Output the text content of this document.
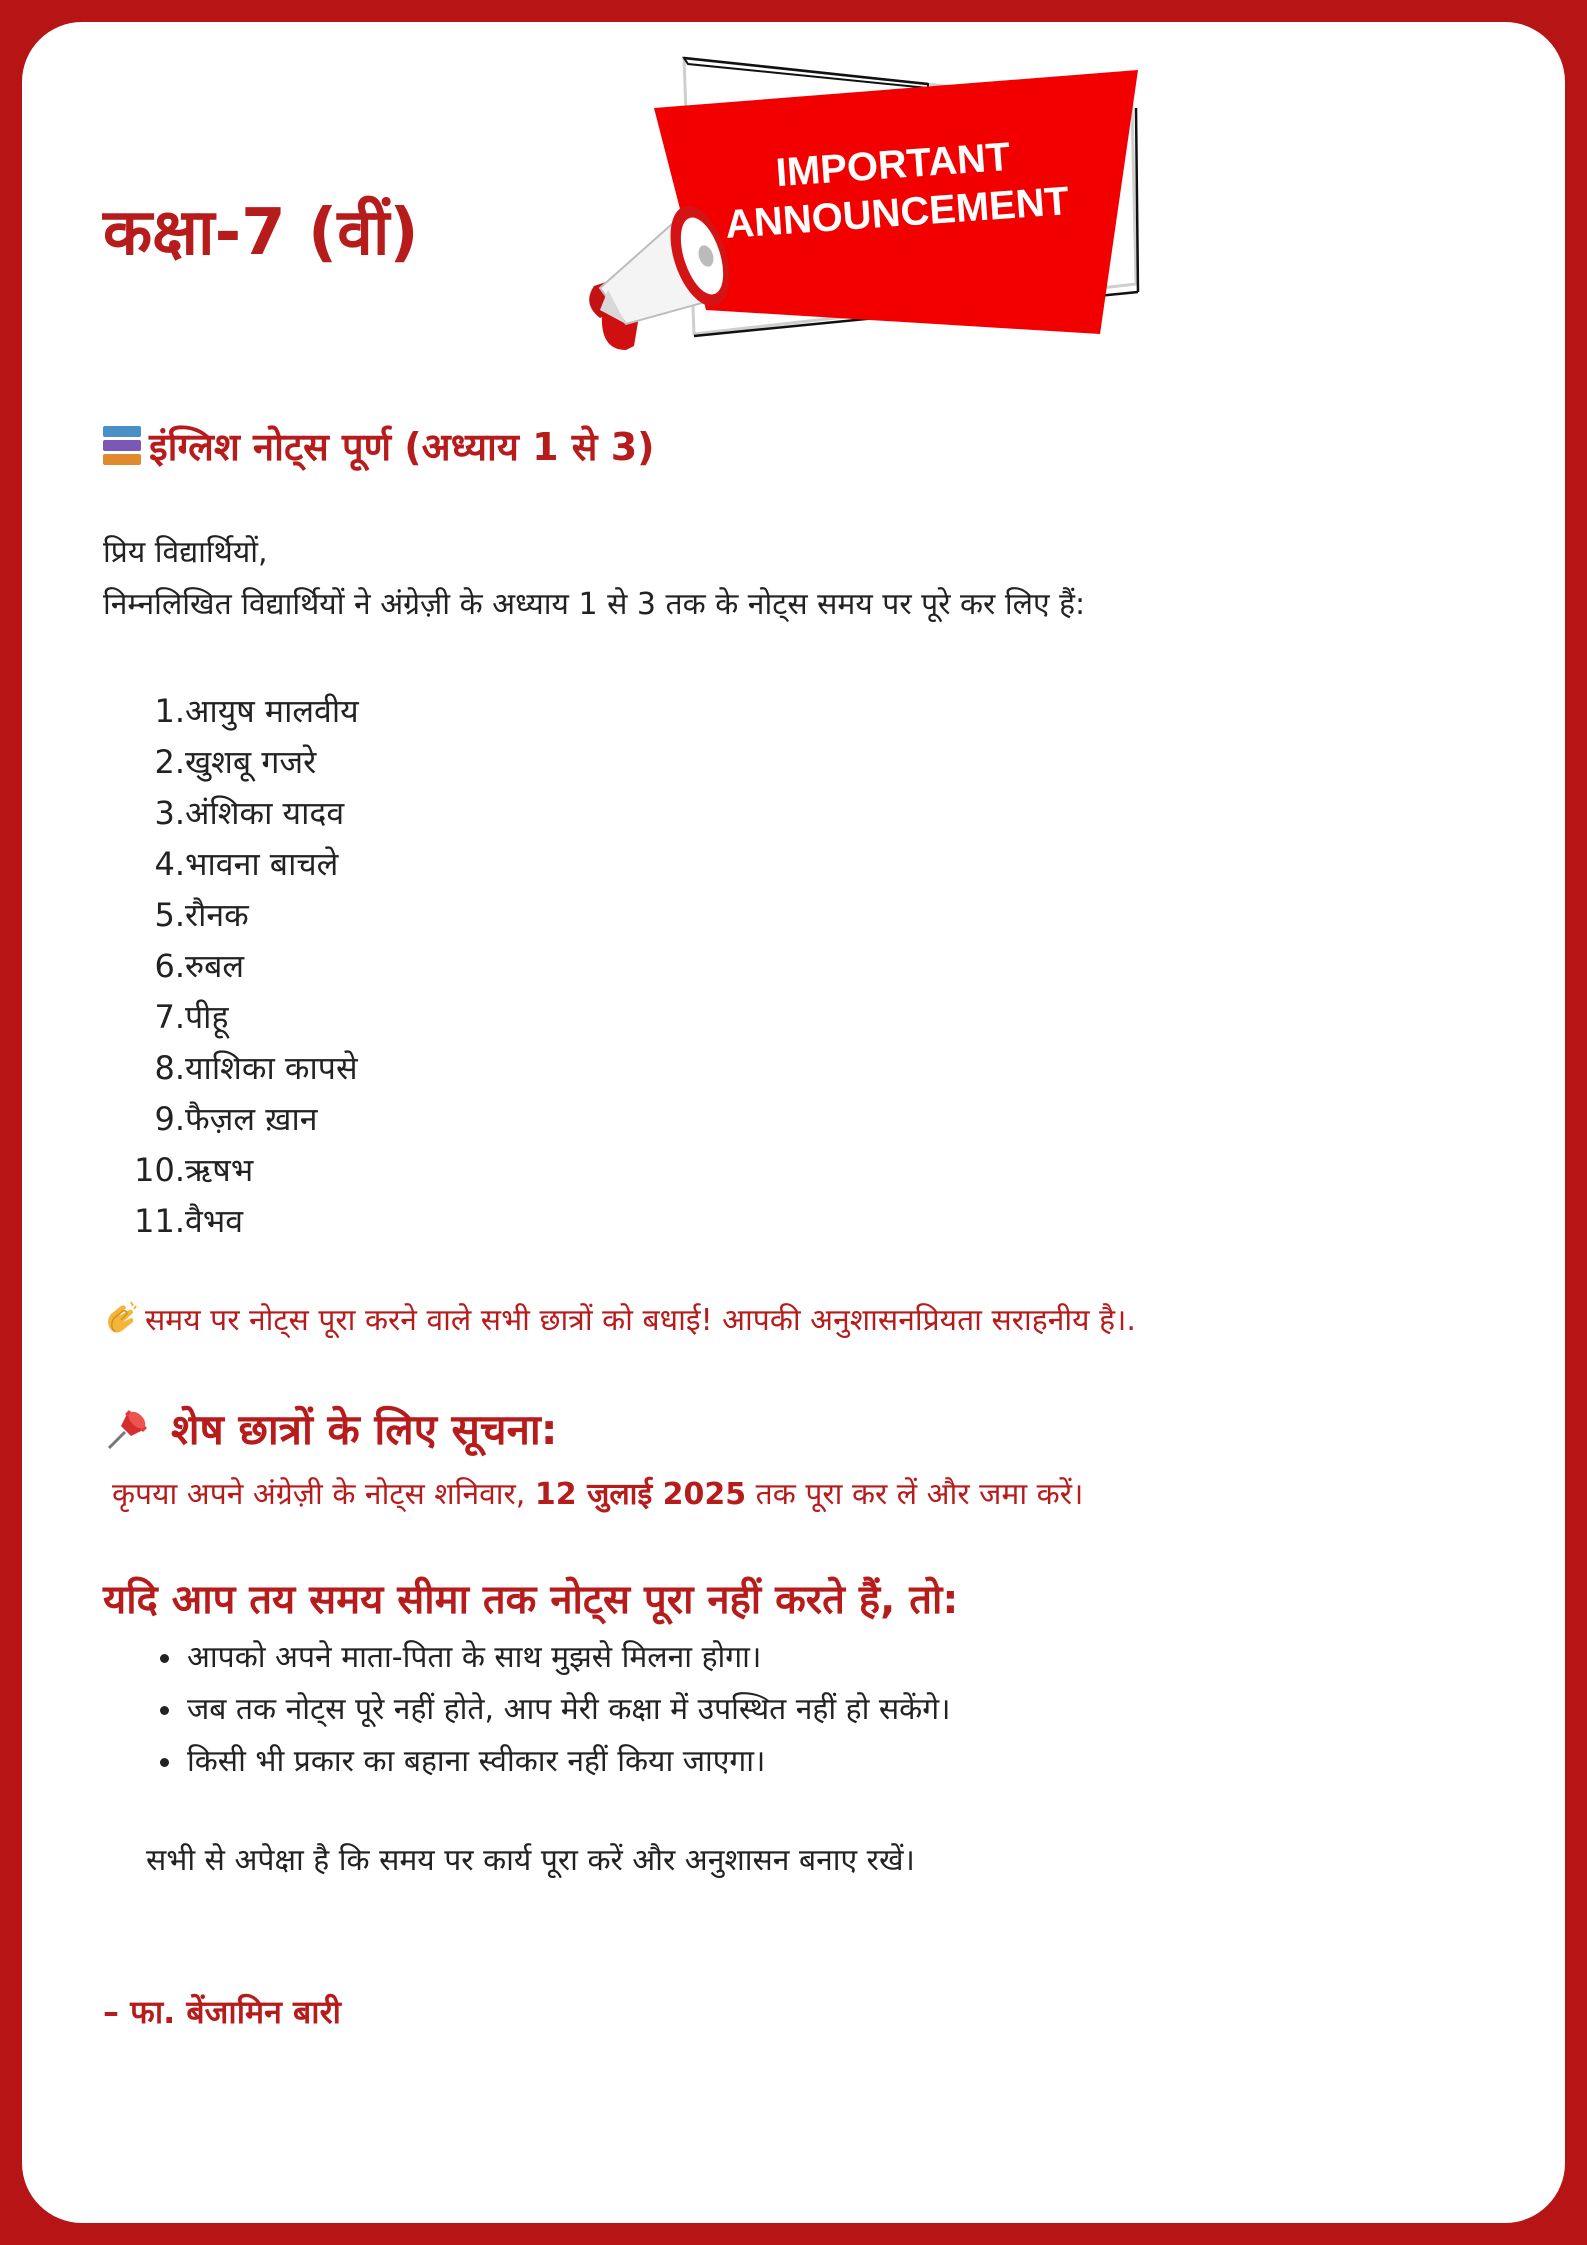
कक्षा-7 (वीं)
IMPORTANT
ANNOUNCEMENT
इंग्लिश नोट्स पूर्ण (अध्याय 1 से 3)
प्रिय विद्यार्थियों,
निम्नलिखित विद्यार्थियों ने अंग्रेज़ी के अध्याय 1 से 3 तक के नोट्स समय पर पूरे कर लिए हैं:
1.आयुष मालवीय
2.खुशबू गजरे
3.अंशिका यादव
4.भावना बाचले
5.रौनक
6.रुबल
7.पीहू
8.याशिका कापसे
9.फैज़ल ख़ान
10.ऋषभ
11.वैभव
समय पर नोट्स पूरा करने वाले सभी छात्रों को बधाई! आपकी अनुशासनप्रियता सराहनीय है।.
शेष छात्रों के लिए सूचना:
कृपया अपने अंग्रेज़ी के नोट्स शनिवार, 12 जुलाई 2025 तक पूरा कर लें और जमा करें।
यदि आप तय समय सीमा तक नोट्स पूरा नहीं करते हैं, तो:
आपको अपने माता-पिता के साथ मुझसे मिलना होगा।
जब तक नोट्स पूरे नहीं होते, आप मेरी कक्षा में उपस्थित नहीं हो सकेंगे।
किसी भी प्रकार का बहाना स्वीकार नहीं किया जाएगा।
सभी से अपेक्षा है कि समय पर कार्य पूरा करें और अनुशासन बनाए रखें।
– फा. बेंजामिन बारी
